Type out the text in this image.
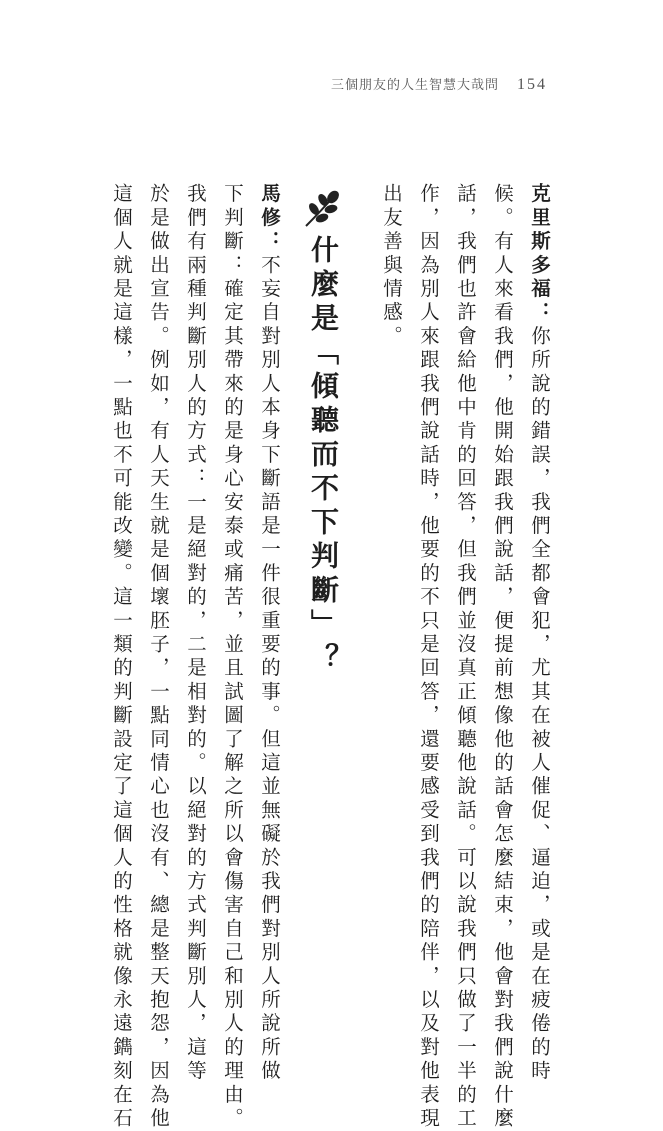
三個朋友的人生智慧大哉問 154
克里斯多福：你所說的錯誤，我們全都會犯，尤其在被人催促、逼迫，或是在疲倦的時
候。有人來看我們，他開始跟我們說話，便提前想像他的話會怎麼結束，他會對我們說什麼
話，我們也許會給他中肯的回答，但我們並沒真正傾聽他說話。可以說我們只做了一半的工
作，因為別人來跟我們說話時，他要的不只是回答，還要感受到我們的陪伴，以及對他表現
出友善與情感。
什麼是「傾聽而不下判斷」？
馬修：不妄自對別人本身下斷語是一件很重要的事。但這並無礙於我們對別人所說所做
下判斷：確定其帶來的是身心安泰或痛苦，並且試圖了解之所以會傷害自己和別人的理由。
我們有兩種判斷別人的方式：一是絕對的，二是相對的。以絕對的方式判斷別人，這等
於是做出宣告。例如，有人天生就是個壞胚子，一點同情心也沒有、總是整天抱怨，因為他
這個人就是這樣，一點也不可能改變。這一類的判斷設定了這個人的性格就像永遠鐫刻在石
